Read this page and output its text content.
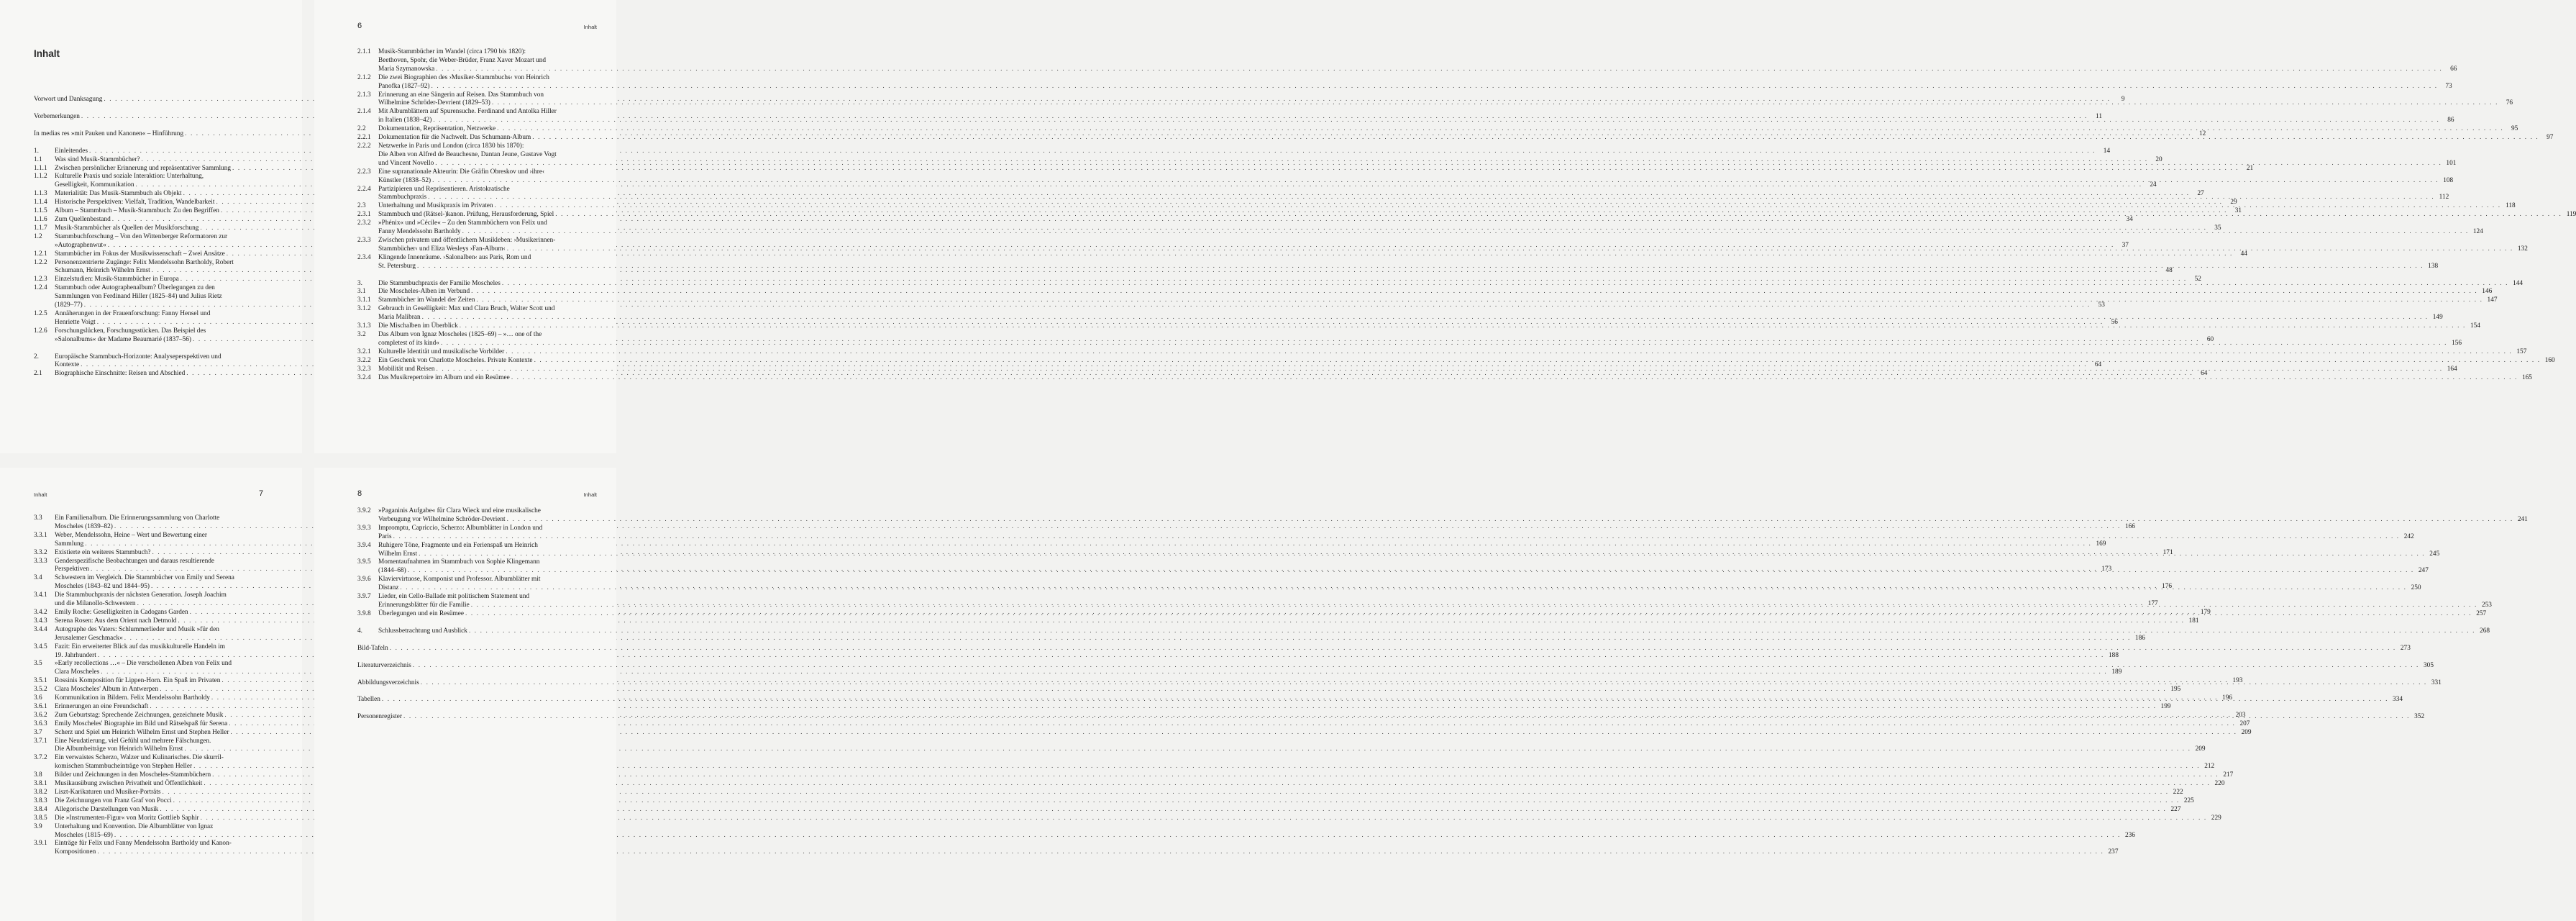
Inhalt
Vorwort und Danksagung . . .	9
Vorbemerkungen . . .	11
In medias res »mit Pauken und Kanonen« – Hinführung . . .	12
1.	Einleitendes . . .	14
1.1	Was sind Musik-Stammbücher? . . .	20
1.1.1	Zwischen persönlicher Erinnerung und repräsentativer Sammlung . . .	21
1.1.2	Kulturelle Praxis und soziale Interaktion: Unterhaltung,
Geselligkeit, Kommunikation . . .	24
1.1.3	Materialität: Das Musik-Stammbuch als Objekt . . .	27
1.1.4	Historische Perspektiven: Vielfalt, Tradition, Wandelbarkeit . . .	29
1.1.5	Album – Stammbuch – Musik-Stammbuch: Zu den Begriffen . . .	31
1.1.6	Zum Quellenbestand . . .	34
1.1.7	Musik-Stammbücher als Quellen der Musikforschung . . .	35
1.2	Stammbuchforschung – Von den Wittenberger Reformatoren zur
»Autographenwut« . . .	37
1.2.1	Stammbücher im Fokus der Musikwissenschaft – Zwei Ansätze . . .	44
1.2.2	Personenzentrierte Zugänge: Felix Mendelssohn Bartholdy, Robert
Schumann, Heinrich Wilhelm Ernst . . .	48
1.2.3	Einzelstudien: Musik-Stammbücher in Europa . . .	52
1.2.4	Stammbuch oder Autographenalbum? Überlegungen zu den
Sammlungen von Ferdinand Hiller (1825–84) und Julius Rietz
(1829–77) . . .	53
1.2.5	Annäherungen in der Frauenforschung: Fanny Hensel und
Henriette Voigt . . .	56
1.2.6	Forschungslücken, Forschungsstücken. Das Beispiel des
»Salonalbums« der Madame Beaumarié (1837–56) . . .	60
2.	Europäische Stammbuch-Horizonte: Analyseperspektiven und
Kontexte . . .	64
2.1	Biographische Einschnitte: Reisen und Abschied . . .	64
6	Inhalt
2.1.1	Musik-Stammbücher im Wandel (circa 1790 bis 1820):
Beethoven, Spohr, die Weber-Brüder, Franz Xaver Mozart und
Maria Szymanowska . . .	66
2.1.2	Die zwei Biographien des ›Musiker-Stammbuchs‹ von Heinrich
Panofka (1827–92) . . .	73
2.1.3	Erinnerung an eine Sängerin auf Reisen. Das Stammbuch von
Wilhelmine Schröder-Devrient (1829–53) . . .	76
2.1.4	Mit Albumblättern auf Spurensuche. Ferdinand und Antolka Hiller
in Italien (1838–42) . . .	86
2.2	Dokumentation, Repräsentation, Netzwerke . . .	95
2.2.1	Dokumentation für die Nachwelt. Das Schumann-Album . . .	97
2.2.2	Netzwerke in Paris und London (circa 1830 bis 1870):
Die Alben von Alfred de Beauchesne, Dantan Jeune, Gustave Vogt
und Vincent Novello . . .	101
2.2.3	Eine supranationale Akteurin: Die Gräfin Obreskov und ›ihre‹
Künstler (1838–52) . . .	108
2.2.4	Partizipieren und Repräsentieren. Aristokratische
Stammbuchpraxis . . .	112
2.3	Unterhaltung und Musikpraxis im Privaten . . .	118
2.3.1	Stammbuch und (Rätsel-)kanon. Prüfung, Herausforderung, Spiel . . .	119
2.3.2	»Phénix« und »Cécile« – Zu den Stammbüchern von Felix und
Fanny Mendelssohn Bartholdy . . .	124
2.3.3	Zwischen privatem und öffentlichem Musikleben: ›Musikerinnen-
Stammbücher‹ und Eliza Wesleys ›Fan-Album‹ . . .	132
2.3.4	Klingende Innenräume. ›Salonalben‹ aus Paris, Rom und
St. Petersburg . . .	138
3.	Die Stammbuchpraxis der Familie Moscheles . . .	144
3.1	Die Moscheles-Alben im Verbund . . .	146
3.1.1	Stammbücher im Wandel der Zeiten . . .	147
3.1.2	Gebrauch in Geselligkeit: Max und Clara Bruch, Walter Scott und
Maria Malibran . . .	149
3.1.3	Die Mischalben im Überblick . . .	154
3.2	Das Album von Ignaz Moscheles (1825–69) – »… one of the
completest of its kind« . . .	156
3.2.1	Kulturelle Identität und musikalische Vorbilder . . .	157
3.2.2	Ein Geschenk von Charlotte Moscheles. Private Kontexte . . .	160
3.2.3	Mobilität und Reisen . . .	164
3.2.4	Das Musikrepertoire im Album und ein Resümee . . .	165
Inhalt	7
3.3	Ein Familienalbum. Die Erinnerungssammlung von Charlotte
Moscheles (1839–82) . . .	166
3.3.1	Weber, Mendelssohn, Heine – Wert und Bewertung einer
Sammlung . . .	169
3.3.2	Existierte ein weiteres Stammbuch? . . .	171
3.3.3	Genderspezifische Beobachtungen und daraus resultierende
Perspektiven . . .	173
3.4	Schwestern im Vergleich. Die Stammbücher von Emily und Serena
Moscheles (1843–82 und 1844–95) . . .	176
3.4.1	Die Stammbuchpraxis der nächsten Generation. Joseph Joachim
und die Milanollo-Schwestern . . .	177
3.4.2	Emily Roche: Geselligkeiten in Cadogans Garden . . .	179
3.4.3	Serena Rosen: Aus dem Orient nach Detmold . . .	181
3.4.4	Autographe des Vaters: Schlummerlieder und Musik »für den
Jerusalemer Geschmack« . . .	186
3.4.5	Fazit: Ein erweiterter Blick auf das musikkulturelle Handeln im
19. Jahrhundert . . .	188
3.5	»Early recollections …« – Die verschollenen Alben von Felix und
Clara Moscheles . . .	189
3.5.1	Rossinis Komposition für Lippen-Horn. Ein Spaß im Privaten . . .	193
3.5.2	Clara Moscheles' Album in Antwerpen . . .	195
3.6	Kommunikation in Bildern. Felix Mendelssohn Bartholdy . . .	196
3.6.1	Erinnerungen an eine Freundschaft . . .	199
3.6.2	Zum Geburtstag: Sprechende Zeichnungen, gezeichnete Musik . . .	203
3.6.3	Emily Moscheles' Biographie im Bild und Rätselspaß für Serena . . .	207
3.7	Scherz und Spiel um Heinrich Wilhelm Ernst und Stephen Heller . . .	209
3.7.1	Eine Neudatierung, viel Gefühl und mehrere Fälschungen.
Die Albumbeiträge von Heinrich Wilhelm Ernst . . .	209
3.7.2	Ein verwaistes Scherzo, Walzer und Kulinarisches. Die skurril-
komischen Stammbucheinträge von Stephen Heller . . .	212
3.8	Bilder und Zeichnungen in den Moscheles-Stammbüchern . . .	217
3.8.1	Musikausübung zwischen Privatheit und Öffentlichkeit . . .	220
3.8.2	Liszt-Karikaturen und Musiker-Porträts . . .	222
3.8.3	Die Zeichnungen von Franz Graf von Pocci . . .	225
3.8.4	Allegorische Darstellungen von Musik . . .	227
3.8.5	Die »Instrumenten-Figur« von Moritz Gottlieb Saphir . . .	229
3.9	Unterhaltung und Konvention. Die Albumblätter von Ignaz
Moscheles (1815–69) . . .	236
3.9.1	Einträge für Felix und Fanny Mendelssohn Bartholdy und Kanon-
Kompositionen . . .	237
8	Inhalt
3.9.2	»Paganinis Aufgabe« für Clara Wieck und eine musikalische
Verbeugung vor Wilhelmine Schröder-Devrient . . .	241
3.9.3	Impromptu, Capriccio, Scherzo: Albumblätter in London und
Paris . . .	242
3.9.4	Ruhigere Töne, Fragmente und ein Ferienspaß um Heinrich
Wilhelm Ernst . . .	245
3.9.5	Momentaufnahmen im Stammbuch von Sophie Klingemann
(1844–68) . . .	247
3.9.6	Klaviervirtuose, Komponist und Professor. Albumblätter mit
Distanz . . .	250
3.9.7	Lieder, ein Cello-Ballade mit politischem Statement und
Erinnerungsblätter für die Familie . . .	253
3.9.8	Überlegungen und ein Resümee . . .	257
4.	Schlussbetrachtung und Ausblick . . .	268
Bild-Tafeln . . .	273
Literaturverzeichnis . . .	305
Abbildungsverzeichnis . . .	331
Tabellen . . .	334
Personenregister . . .	352
